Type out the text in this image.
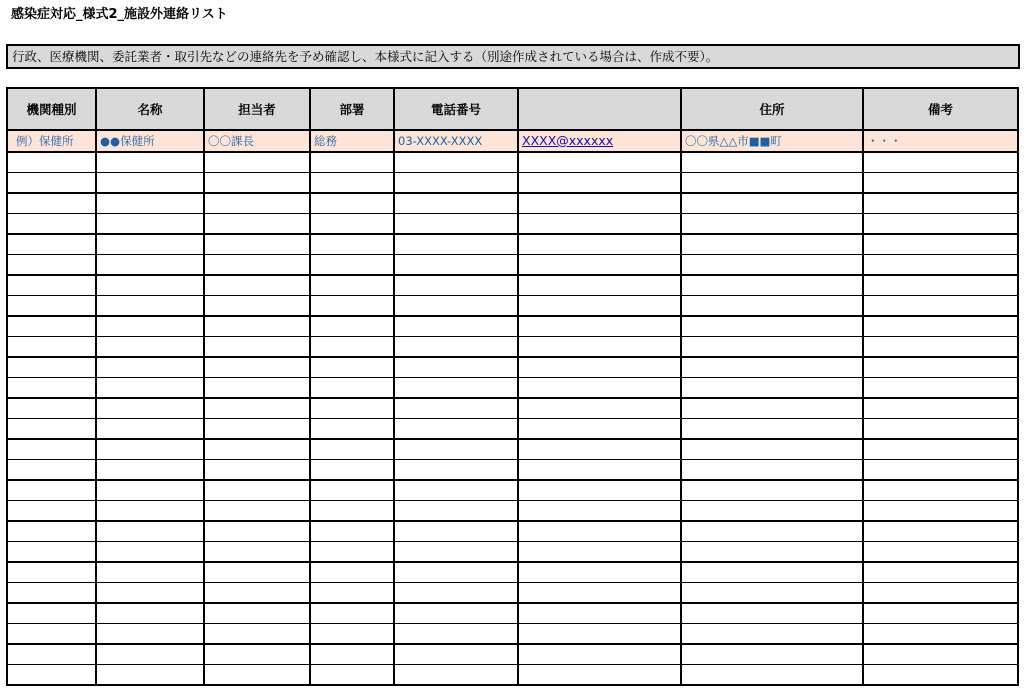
感染症対応_様式2_施設外連絡リスト
行政、医療機関、委託業者・取引先などの連絡先を予め確認し、本様式に記入する（別途作成されている場合は、作成不要）。
機関種別	名称	担当者	部署	電話番号		住所	備考
例）保健所	●●保健所	〇〇課長	総務	03-XXXX-XXXX	XXXX@xxxxxx	〇〇県△△市■■町	・・・
